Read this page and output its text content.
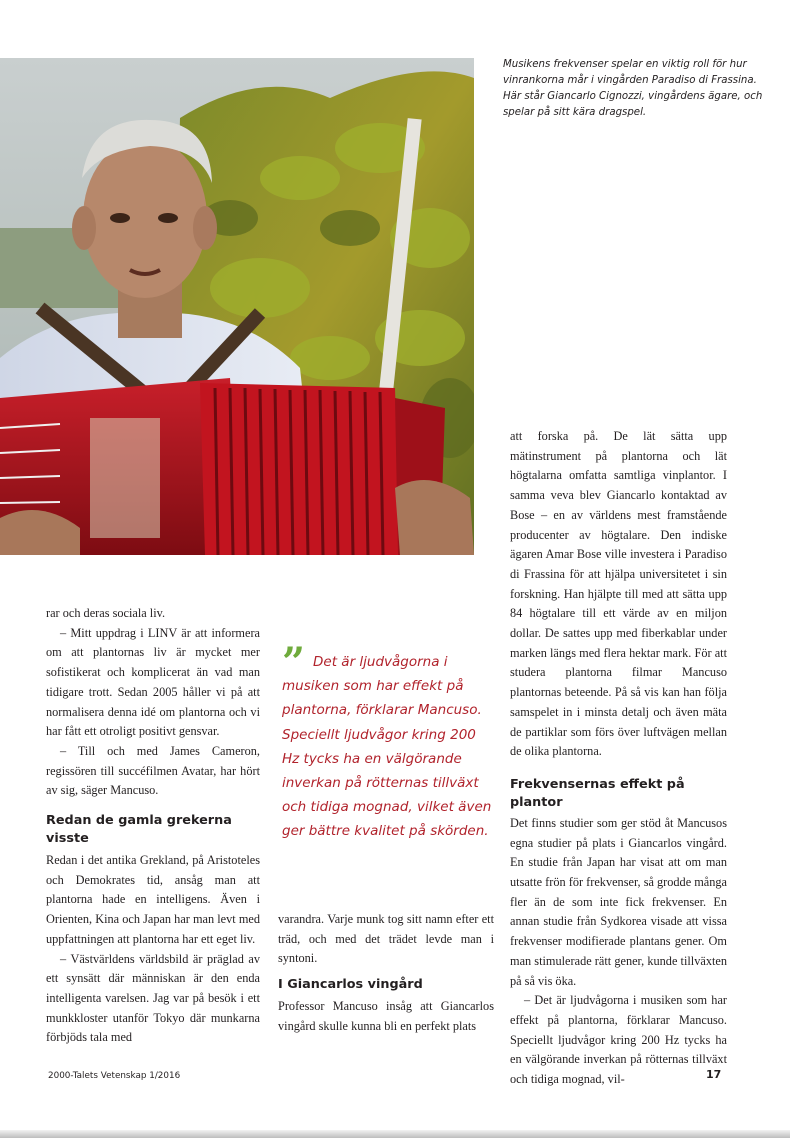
Musikens frekvenser spelar en viktig roll för hur vinrankorna mår i vingården Paradiso di Frassina. Här står Giancarlo Cignozzi, vingårdens ägare, och spelar på sitt kära dragspel.

rar och deras sociala liv.

– Mitt uppdrag i LINV är att informera om att plantornas liv är mycket mer sofistikerat och komplicerat än vad man tidigare trott. Sedan 2005 håller vi på att normalisera denna idé om plantorna och vi har fått ett otroligt positivt gensvar.

– Till och med James Cameron, regissören till succéfilmen Avatar, har hört av sig, säger Mancuso.

Redan de gamla grekerna visste

Redan i det antika Grekland, på Aristoteles och Demokrates tid, ansåg man att plantorna hade en intelligens. Även i Orienten, Kina och Japan har man levt med uppfattningen att plantorna har ett eget liv.

– Västvärldens världsbild är präglad av ett synsätt där människan är den enda intelligenta varelsen. Jag var på besök i ett munkkloster utanför Tokyo där munkarna förbjöds tala med

” Det är ljudvågorna i musiken som har effekt på plantorna, förklarar Mancuso. Speciellt ljudvågor kring 200 Hz tycks ha en välgörande inverkan på rötternas tillväxt och tidiga mognad, vilket även ger bättre kvalitet på skörden.

varandra. Varje munk tog sitt namn efter ett träd, och med det trädet levde man i syntoni.

I Giancarlos vingård

Professor Mancuso insåg att Giancarlos vingård skulle kunna bli en perfekt plats

att forska på. De lät sätta upp mätinstrument på plantorna och lät högtalarna omfatta samtliga vinplantor. I samma veva blev Giancarlo kontaktad av Bose – en av världens mest framstående producenter av högtalare. Den indiske ägaren Amar Bose ville investera i Paradiso di Frassina för att hjälpa universitetet i sin forskning. Han hjälpte till med att sätta upp 84 högtalare till ett värde av en miljon dollar. De sattes upp med fiberkablar under marken längs med flera hektar mark. För att studera plantorna filmar Mancuso plantornas beteende. På så vis kan han följa samspelet in i minsta detalj och även mäta de partiklar som förs över luftvägen mellan de olika plantorna.

Frekvensernas effekt på plantor

Det finns studier som ger stöd åt Mancusos egna studier på plats i Giancarlos vingård. En studie från Japan har visat att om man utsatte frön för frekvenser, så grodde många fler än de som inte fick frekvenser. En annan studie från Sydkorea visade att vissa frekvenser modifierade plantans gener. Om man stimulerade rätt gener, kunde tillväxten på så vis öka.

– Det är ljudvågorna i musiken som har effekt på plantorna, förklarar Mancuso. Speciellt ljudvågor kring 200 Hz tycks ha en välgörande inverkan på rötternas tillväxt och tidiga mognad, vil-

2000-Talets Vetenskap 1/2016	17
